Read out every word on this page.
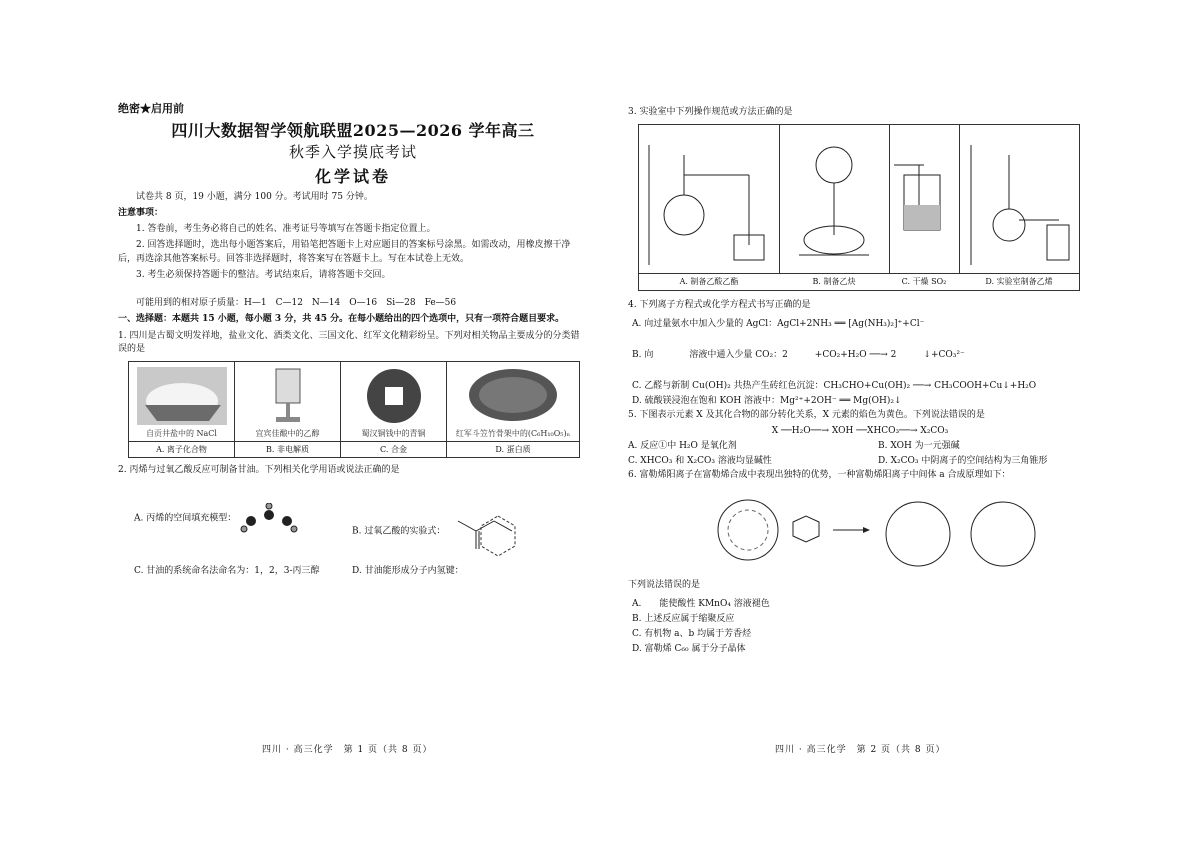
绝密★启用前

四川大数据智学领航联盟2025—2026 学年高三

秋季入学摸底考试

化学试卷

试卷共 8 页，19 小题，满分 100 分。考试用时 75 分钟。

注意事项：

1. 答卷前，考生务必将自己的姓名、准考证号等填写在答题卡指定位置上。

2. 回答选择题时，选出每小题答案后，用铅笔把答题卡上对应题目的答案标号涂黑。如需改动，用橡皮擦干净后，再选涂其他答案标号。回答非选择题时，将答案写在答题卡上。写在本试卷上无效。

3. 考生必须保持答题卡的整洁。考试结束后，请将答题卡交回。

可能用到的相对原子质量：H—1　C—12　N—14　O—16　Si—28　Fe—56

一、选择题：本题共 15 小题，每小题 3 分，共 45 分。在每小题给出的四个选项中，只有一项符合题目要求。

1. 四川是古蜀文明发祥地，盐业文化、酒类文化、三国文化、红军文化精彩纷呈。下列对相关物品主要成分的分类错误的是

自贡井盐中的 NaCl	宜宾佳酿中的乙醇	蜀汉铜钱中的青铜	红军斗笠竹骨架中的(C₆H₁₀O₅)ₙ

A. 离子化合物	B. 非电解质	C. 合金	D. 蛋白质

2. 丙烯与过氧乙酸反应可制备甘油。下列相关化学用语或说法正确的是

A. 丙烯的空间填充模型：
B. 过氧乙酸的实验式：
C. 甘油的系统命名法命名为：1，2，3-丙三醇	D. 甘油能形成分子内氢键：
四川 · 高三化学　第 1 页（共 8 页）

3. 实验室中下列操作规范或方法正确的是

A. 制备乙酸乙酯	B. 制备乙炔	C. 干燥 SO₂	D. 实验室制备乙烯

4. 下列离子方程式或化学方程式书写正确的是

A. 向过量氨水中加入少量的 AgCl：AgCl+2NH₃ ══ [Ag(NH₃)₂]⁺+Cl⁻

B. 向　　　　溶液中通入少量 CO₂：2　　　+CO₂+H₂O ──→ 2　　　↓+CO₃²⁻

C. 乙醛与新制 Cu(OH)₂ 共热产生砖红色沉淀：CH₃CHO+Cu(OH)₂ ──→ CH₃COOH+Cu↓+H₂O

D. 硫酸镁浸泡在饱和 KOH 溶液中：Mg²⁺+2OH⁻ ══ Mg(OH)₂↓

5. 下图表示元素 X 及其化合物的部分转化关系，X 元素的焰色为黄色。下列说法错误的是

X ──H₂O──→ XOH ──XHCO₃──→ X₂CO₃

A. 反应①中 H₂O 是氧化剂	B. XOH 为一元强碱
C. XHCO₃ 和 X₂CO₃ 溶液均显碱性	D. X₂CO₃ 中阴离子的空间结构为三角锥形

6. 富勒烯阳离子在富勒烯合成中表现出独特的优势，一种富勒烯阳离子中间体 a 合成原理如下：

下列说法错误的是

A.　　能使酸性 KMnO₄ 溶液褪色

B. 上述反应属于缩聚反应

C. 有机物 a、b 均属于芳香烃

D. 富勒烯 C₆₀ 属于分子晶体

四川 · 高三化学　第 2 页（共 8 页）
